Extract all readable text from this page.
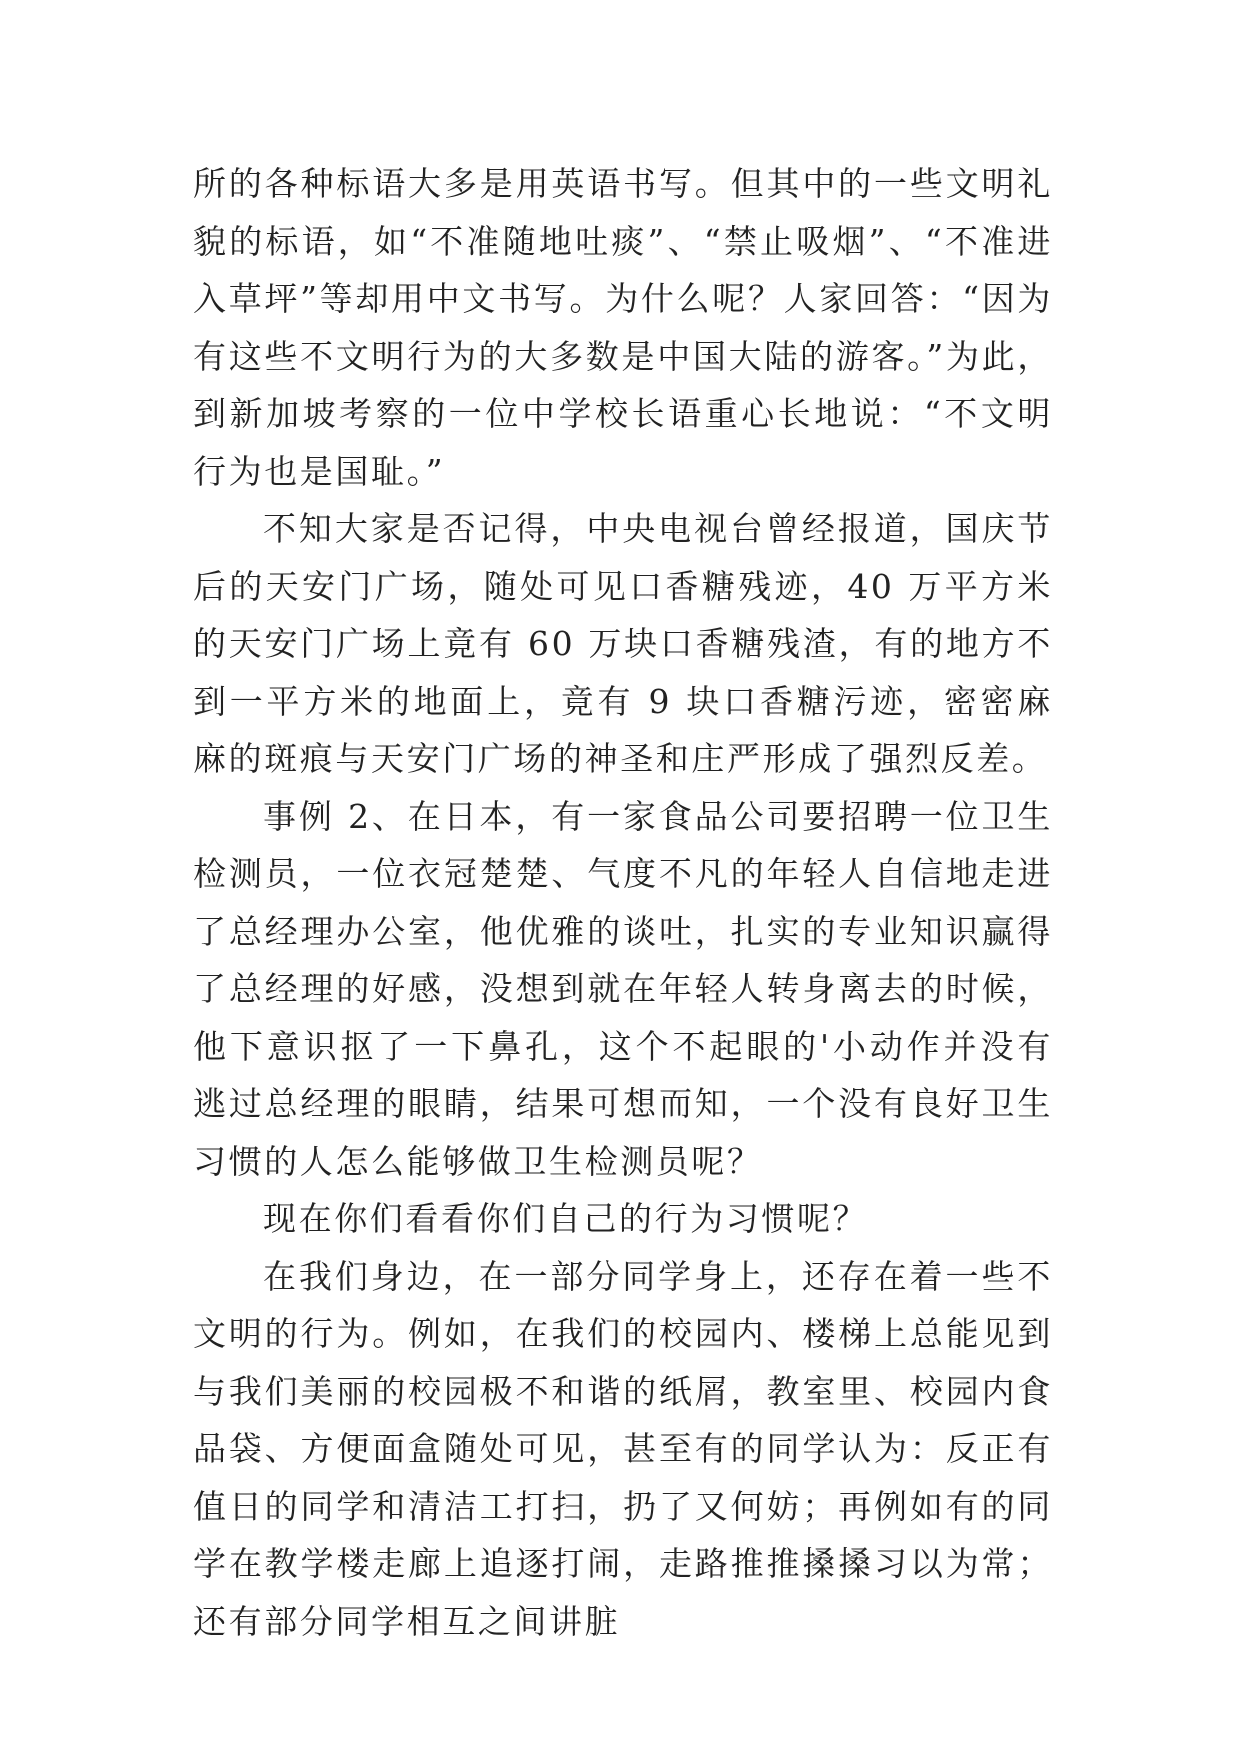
所的各种标语大多是用英语书写。但其中的一些文明礼貌的标语，如“不准随地吐痰”、“禁止吸烟”、“不准进入草坪”等却用中文书写。为什么呢？人家回答：“因为有这些不文明行为的大多数是中国大陆的游客。”为此，到新加坡考察的一位中学校长语重心长地说：“不文明行为也是国耻。”

不知大家是否记得，中央电视台曾经报道，国庆节后的天安门广场，随处可见口香糖残迹，40 万平方米的天安门广场上竟有 60 万块口香糖残渣，有的地方不到一平方米的地面上，竟有 9 块口香糖污迹，密密麻麻的斑痕与天安门广场的神圣和庄严形成了强烈反差。

事例 2、在日本，有一家食品公司要招聘一位卫生检测员，一位衣冠楚楚、气度不凡的年轻人自信地走进了总经理办公室，他优雅的谈吐，扎实的专业知识赢得了总经理的好感，没想到就在年轻人转身离去的时候，他下意识抠了一下鼻孔，这个不起眼的'小动作并没有逃过总经理的眼睛，结果可想而知，一个没有良好卫生习惯的人怎么能够做卫生检测员呢？

现在你们看看你们自己的行为习惯呢？

在我们身边，在一部分同学身上，还存在着一些不文明的行为。例如，在我们的校园内、楼梯上总能见到与我们美丽的校园极不和谐的纸屑，教室里、校园内食品袋、方便面盒随处可见，甚至有的同学认为：反正有值日的同学和清洁工打扫，扔了又何妨；再例如有的同学在教学楼走廊上追逐打闹，走路推推搡搡习以为常；还有部分同学相互之间讲脏
